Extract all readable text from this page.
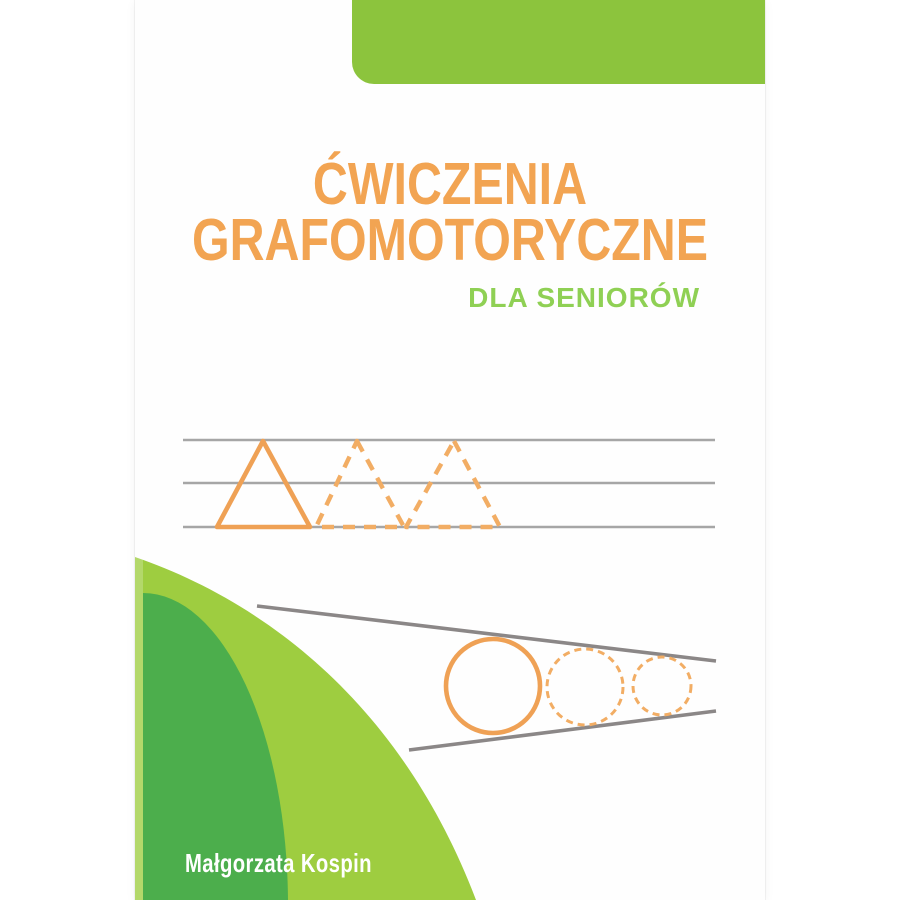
ĆWICZENIA
GRAFOMOTORYCZNE
DLA SENIORÓW
Małgorzata Kospin
